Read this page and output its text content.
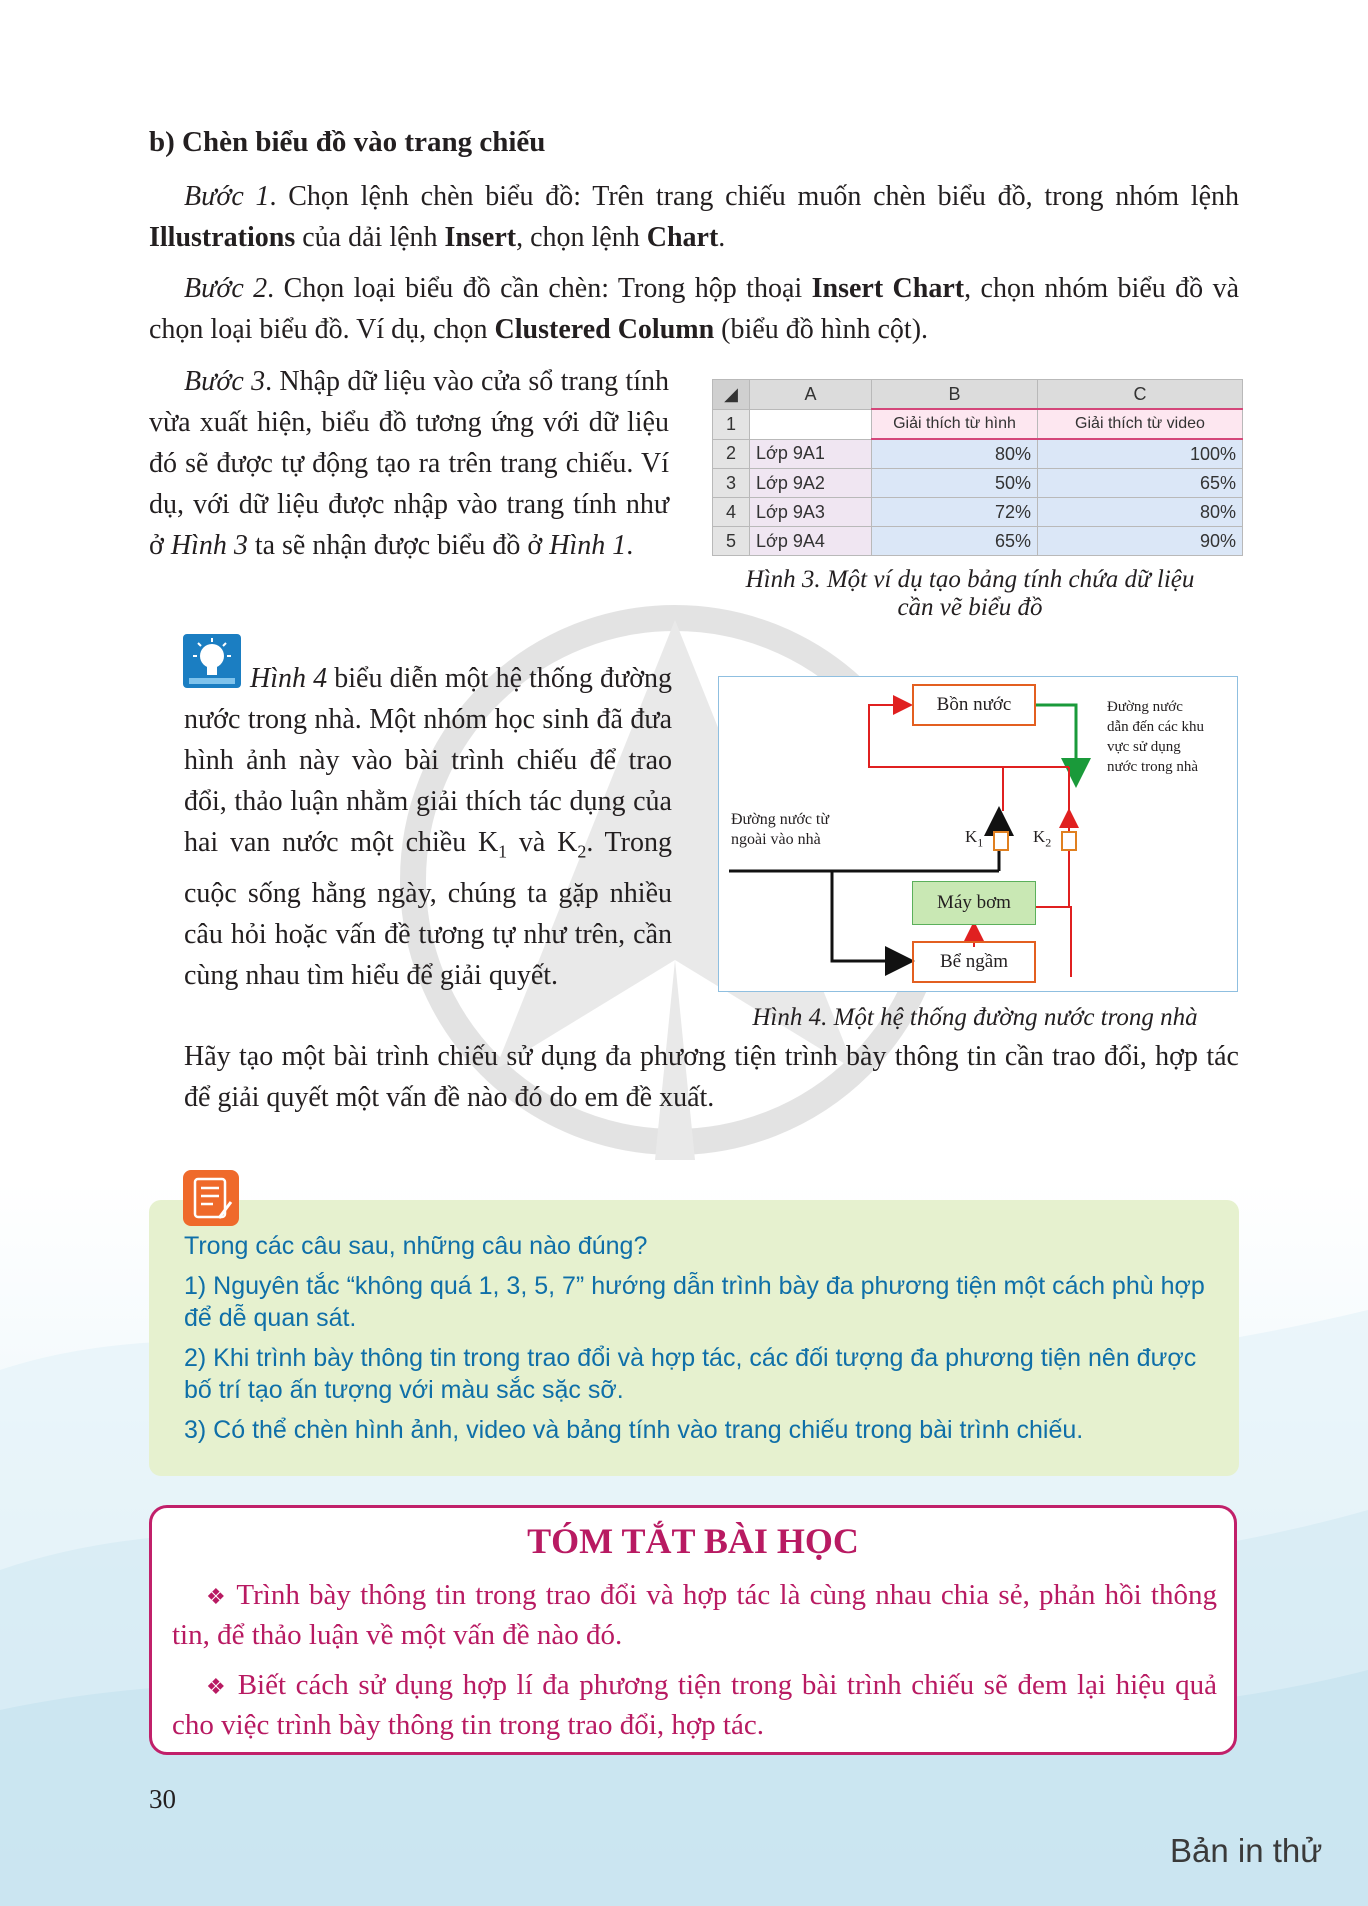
b) Chèn biểu đồ vào trang chiếu
Bước 1. Chọn lệnh chèn biểu đồ: Trên trang chiếu muốn chèn biểu đồ, trong nhóm lệnh Illustrations của dải lệnh Insert, chọn lệnh Chart.
Bước 2. Chọn loại biểu đồ cần chèn: Trong hộp thoại Insert Chart, chọn nhóm biểu đồ và chọn loại biểu đồ. Ví dụ, chọn Clustered Column (biểu đồ hình cột).
Bước 3. Nhập dữ liệu vào cửa sổ trang tính vừa xuất hiện, biểu đồ tương ứng với dữ liệu đó sẽ được tự động tạo ra trên trang chiếu. Ví dụ, với dữ liệu được nhập vào trang tính như ở Hình 3 ta sẽ nhận được biểu đồ ở Hình 1.
◢	A	B	C
1		Giải thích từ hình	Giải thích từ video
2	Lớp 9A1	80%	100%
3	Lớp 9A2	50%	65%
4	Lớp 9A3	72%	80%
5	Lớp 9A4	65%	90%
Hình 3. Một ví dụ tạo bảng tính chứa dữ liệu
cần vẽ biểu đồ
Hình 4 biểu diễn một hệ thống đường nước trong nhà. Một nhóm học sinh đã đưa hình ảnh này vào bài trình chiếu để trao đổi, thảo luận nhằm giải thích tác dụng của hai van nước một chiều $K_1$ và $K_2$. Trong cuộc sống hằng ngày, chúng ta gặp nhiều câu hỏi hoặc vấn đề tương tự như trên, cần cùng nhau tìm hiểu để giải quyết.
Hãy tạo một bài trình chiếu sử dụng đa phương tiện trình bày thông tin cần trao đổi, hợp tác để giải quyết một vấn đề nào đó do em đề xuất.
Bồn nước
Máy bơm
Bể ngầm
Đường nước từ
ngoài vào nhà
Đường nước
dẫn đến các khu
vực sử dụng
nước trong nhà
$K_1$	$K_2$
Hình 4. Một hệ thống đường nước trong nhà
Trong các câu sau, những câu nào đúng?
1) Nguyên tắc “không quá 1, 3, 5, 7” hướng dẫn trình bày đa phương tiện một cách phù hợp để dễ quan sát.
2) Khi trình bày thông tin trong trao đổi và hợp tác, các đối tượng đa phương tiện nên được bố trí tạo ấn tượng với màu sắc sặc sỡ.
3) Có thể chèn hình ảnh, video và bảng tính vào trang chiếu trong bài trình chiếu.
TÓM TẮT BÀI HỌC
❖ Trình bày thông tin trong trao đổi và hợp tác là cùng nhau chia sẻ, phản hồi thông tin, để thảo luận về một vấn đề nào đó.
❖ Biết cách sử dụng hợp lí đa phương tiện trong bài trình chiếu sẽ đem lại hiệu quả cho việc trình bày thông tin trong trao đổi, hợp tác.
30
Bản in thử
